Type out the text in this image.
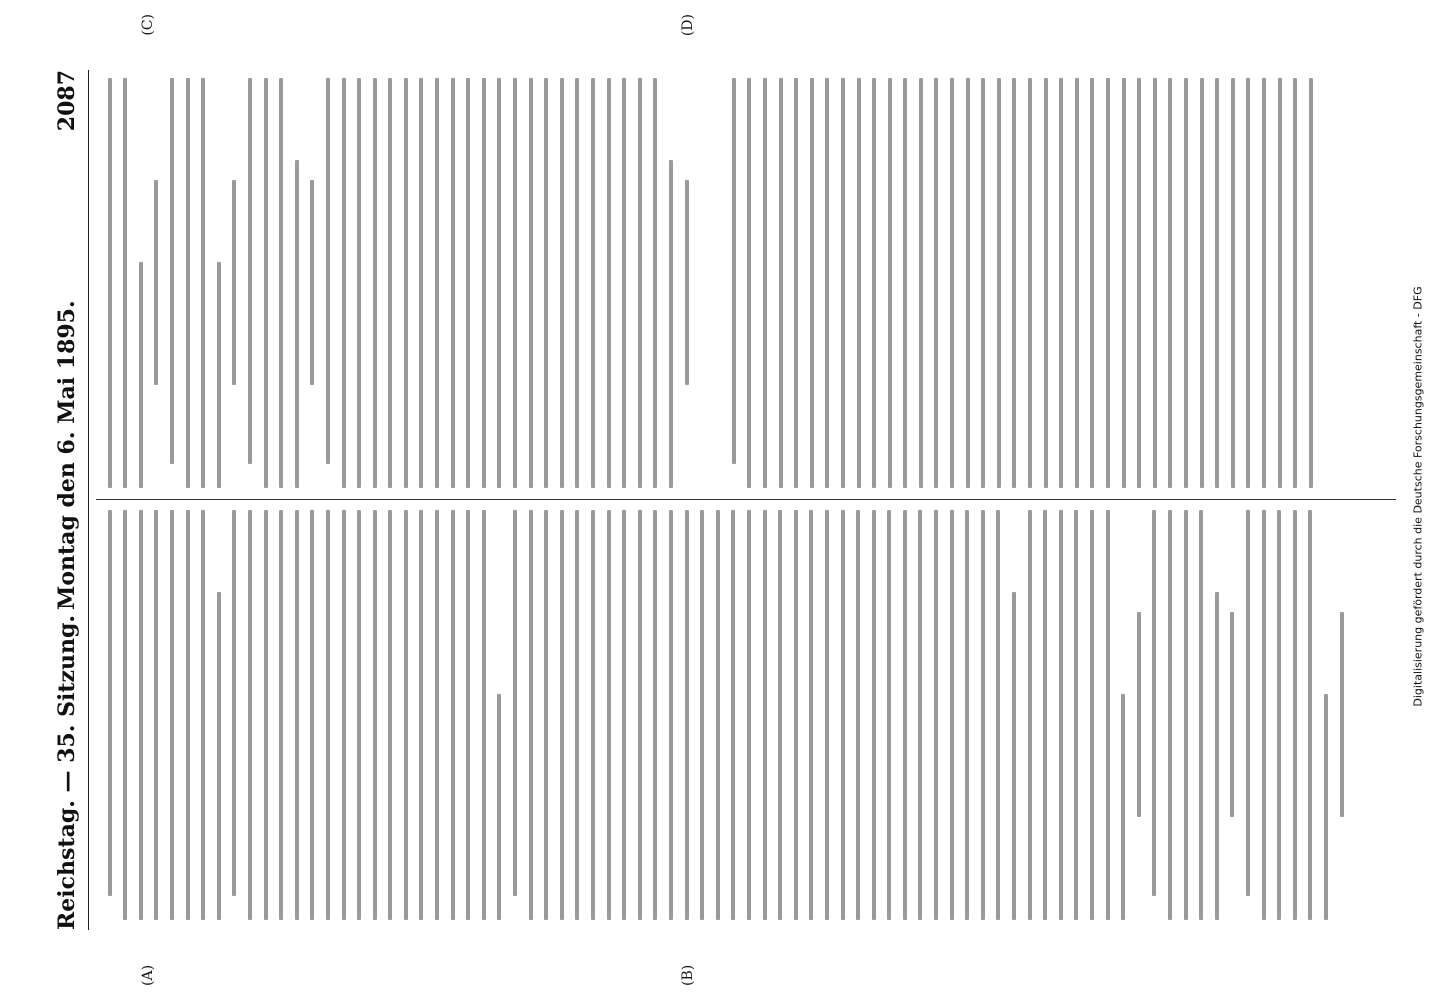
Reichstag. — 35. Sitzung.
Montag den 6. Mai 1895.
2087
(A)	(B)
(C)	(D)
Digitalisierung gefördert durch die Deutsche Forschungsgemeinschaft - DFG
